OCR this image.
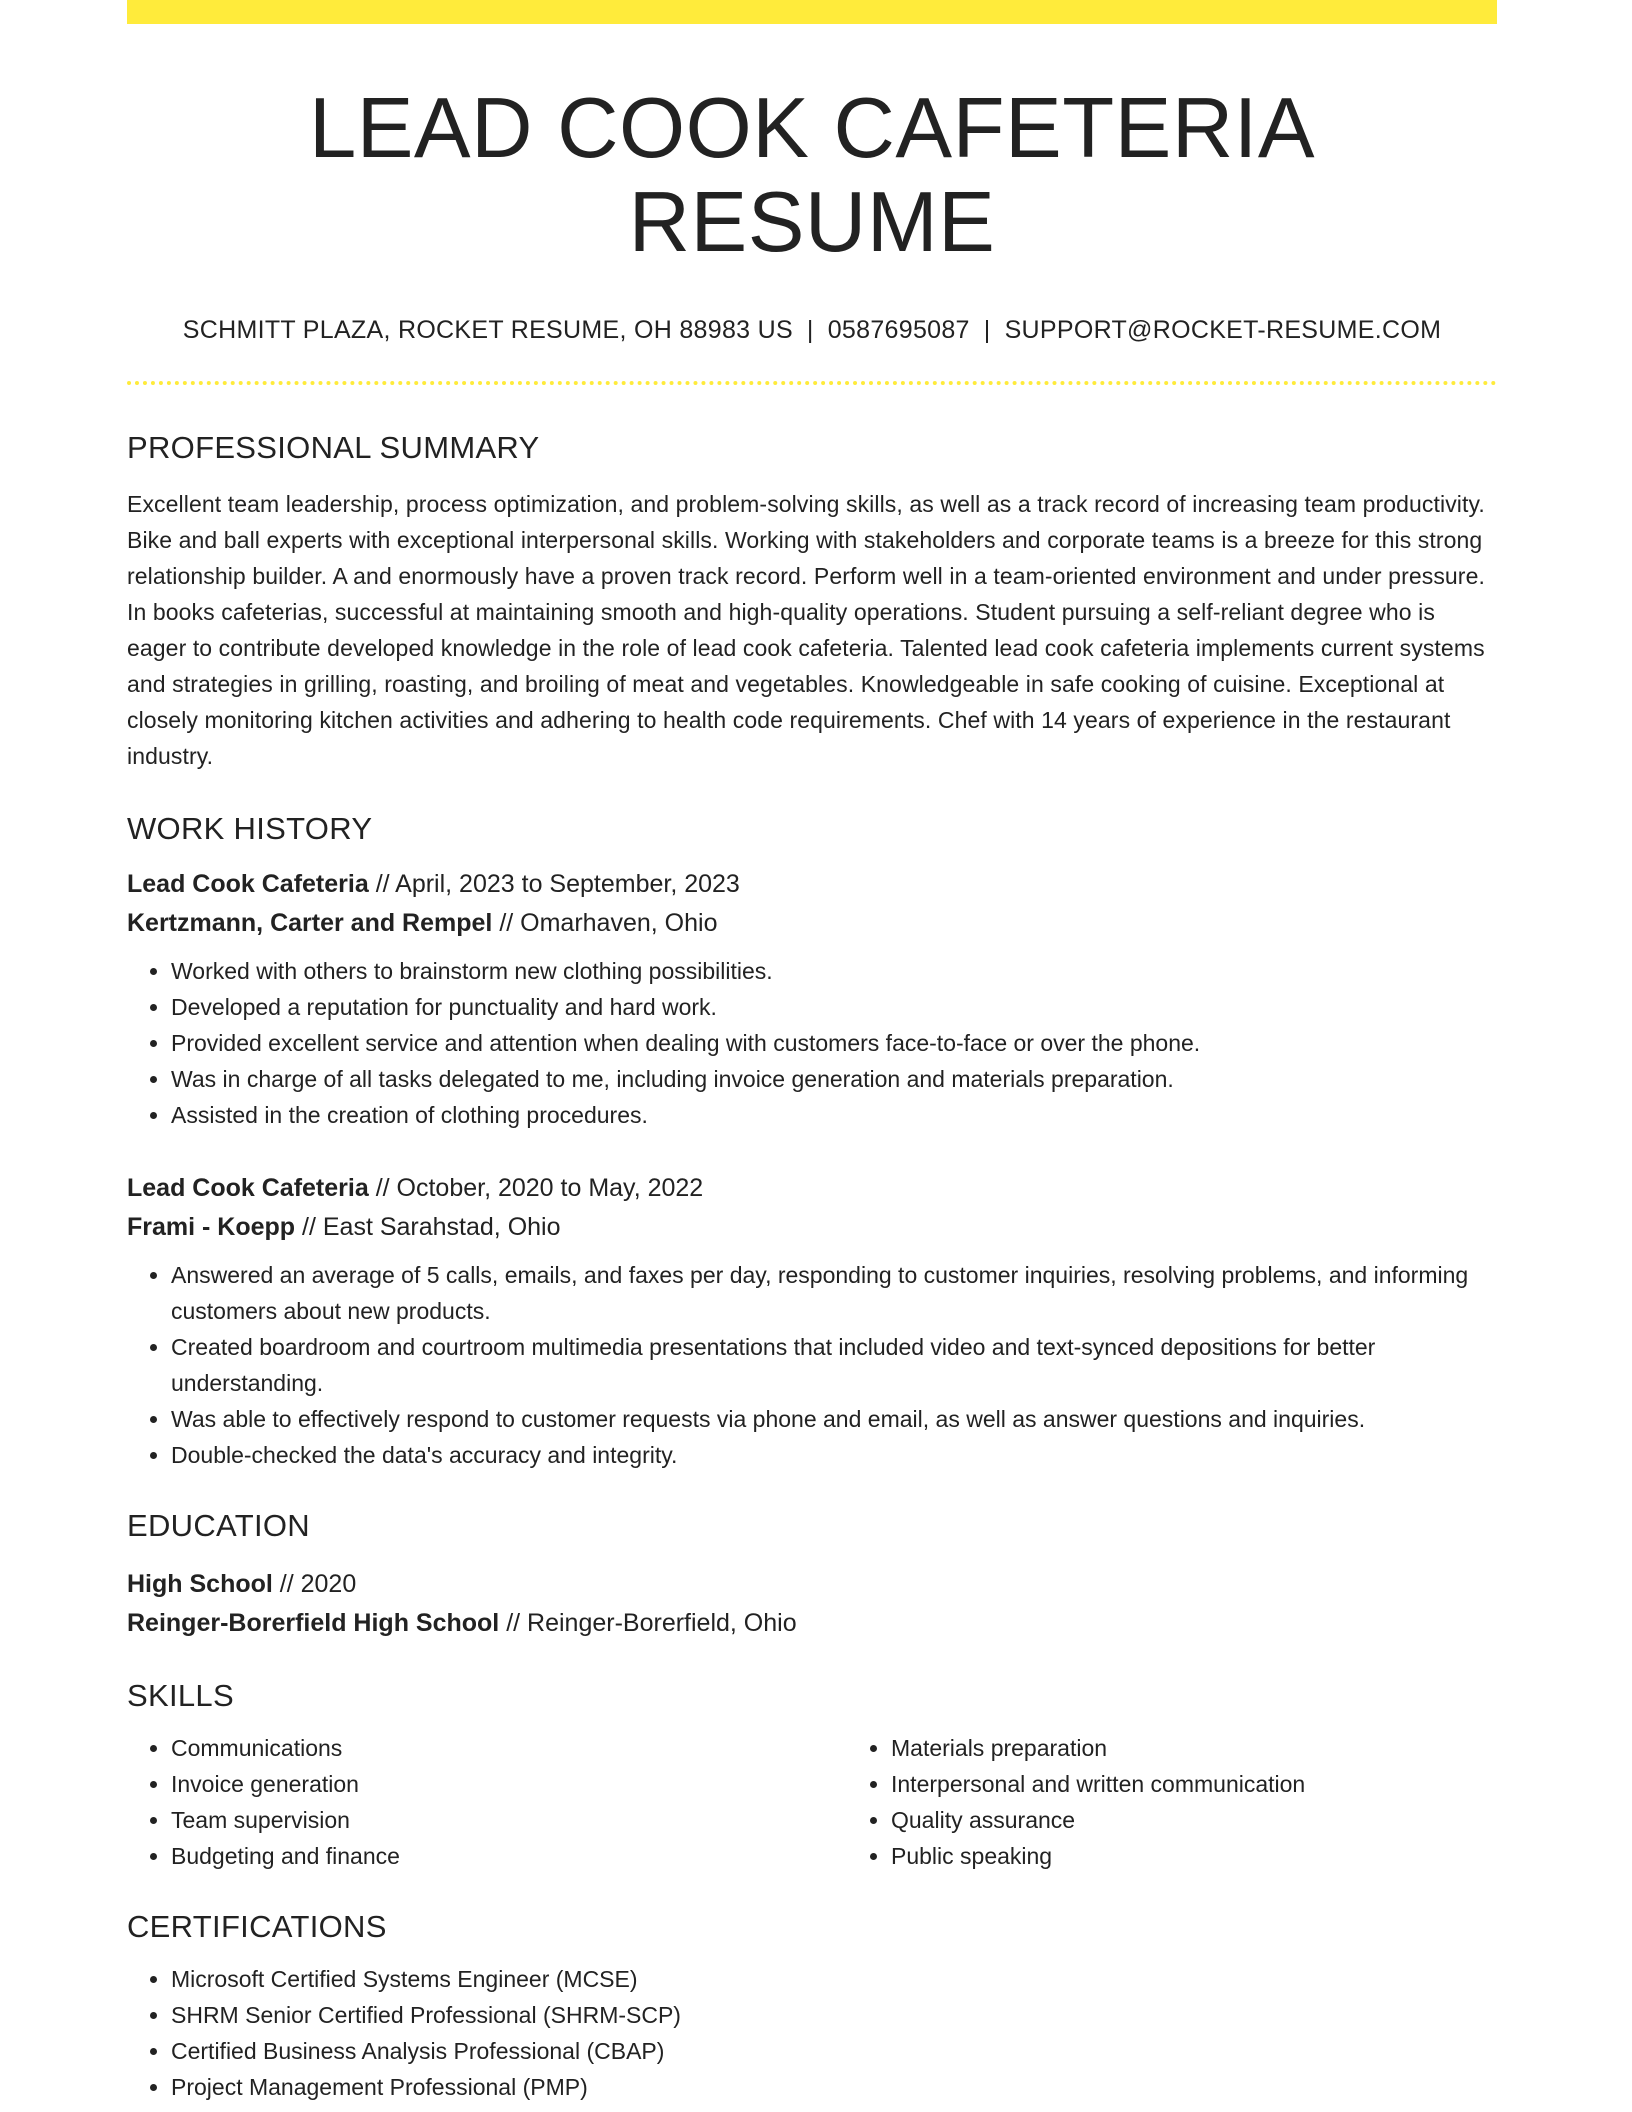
LEAD COOK CAFETERIA RESUME
SCHMITT PLAZA, ROCKET RESUME, OH 88983 US | 0587695087 | SUPPORT@ROCKET-RESUME.COM
PROFESSIONAL SUMMARY
Excellent team leadership, process optimization, and problem-solving skills, as well as a track record of increasing team productivity. Bike and ball experts with exceptional interpersonal skills. Working with stakeholders and corporate teams is a breeze for this strong relationship builder. A and enormously have a proven track record. Perform well in a team-oriented environment and under pressure. In books cafeterias, successful at maintaining smooth and high-quality operations. Student pursuing a self-reliant degree who is eager to contribute developed knowledge in the role of lead cook cafeteria. Talented lead cook cafeteria implements current systems and strategies in grilling, roasting, and broiling of meat and vegetables. Knowledgeable in safe cooking of cuisine. Exceptional at closely monitoring kitchen activities and adhering to health code requirements. Chef with 14 years of experience in the restaurant industry.
WORK HISTORY
Lead Cook Cafeteria // April, 2023 to September, 2023
Kertzmann, Carter and Rempel // Omarhaven, Ohio
• Worked with others to brainstorm new clothing possibilities.
• Developed a reputation for punctuality and hard work.
• Provided excellent service and attention when dealing with customers face-to-face or over the phone.
• Was in charge of all tasks delegated to me, including invoice generation and materials preparation.
• Assisted in the creation of clothing procedures.
Lead Cook Cafeteria // October, 2020 to May, 2022
Frami - Koepp // East Sarahstad, Ohio
• Answered an average of 5 calls, emails, and faxes per day, responding to customer inquiries, resolving problems, and informing customers about new products.
• Created boardroom and courtroom multimedia presentations that included video and text-synced depositions for better understanding.
• Was able to effectively respond to customer requests via phone and email, as well as answer questions and inquiries.
• Double-checked the data's accuracy and integrity.
EDUCATION
High School // 2020
Reinger-Borerfield High School // Reinger-Borerfield, Ohio
SKILLS
• Communications
• Invoice generation
• Team supervision
• Budgeting and finance
• Materials preparation
• Interpersonal and written communication
• Quality assurance
• Public speaking
CERTIFICATIONS
• Microsoft Certified Systems Engineer (MCSE)
• SHRM Senior Certified Professional (SHRM-SCP)
• Certified Business Analysis Professional (CBAP)
• Project Management Professional (PMP)
